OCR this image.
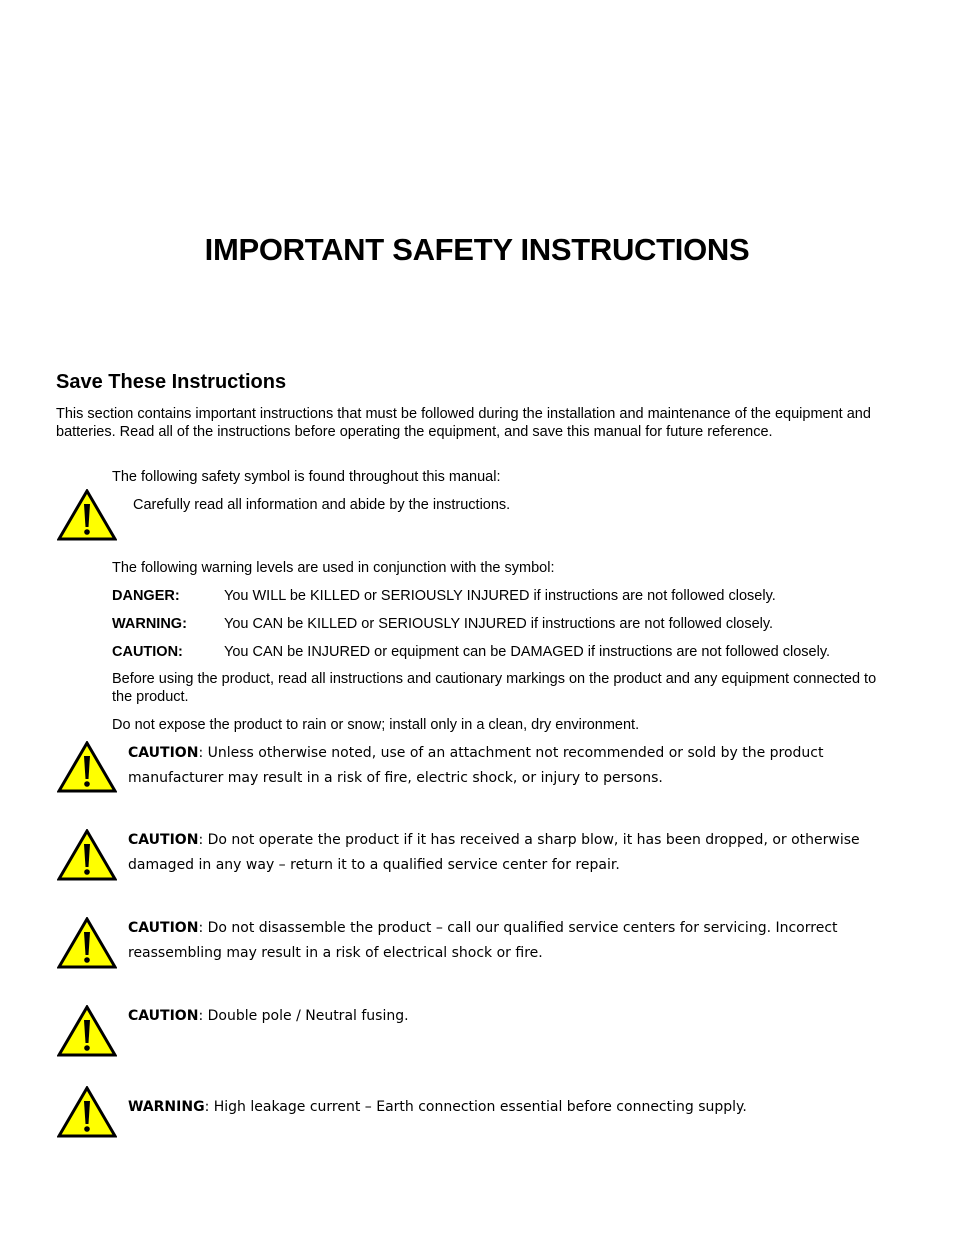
IMPORTANT SAFETY INSTRUCTIONS
Save These Instructions

This section contains important instructions that must be followed during the installation and maintenance of the equipment and batteries. Read all of the instructions before operating the equipment, and save this manual for future reference.

The following safety symbol is found throughout this manual:

Carefully read all information and abide by the instructions.

The following warning levels are used in conjunction with the symbol:

DANGER:	You WILL be KILLED or SERIOUSLY INJURED if instructions are not followed closely.
WARNING:	You CAN be KILLED or SERIOUSLY INJURED if instructions are not followed closely.
CAUTION:	You CAN be INJURED or equipment can be DAMAGED if instructions are not followed closely.

Before using the product, read all instructions and cautionary markings on the product and any equipment connected to the product.

Do not expose the product to rain or snow; install only in a clean, dry environment.

CAUTION: Unless otherwise noted, use of an attachment not recommended or sold by the product manufacturer may result in a risk of fire, electric shock, or injury to persons.

CAUTION: Do not operate the product if it has received a sharp blow, it has been dropped, or otherwise damaged in any way – return it to a qualified service center for repair.

CAUTION: Do not disassemble the product – call our qualified service centers for servicing. Incorrect reassembling may result in a risk of electrical shock or fire.

CAUTION: Double pole / Neutral fusing.

WARNING: High leakage current – Earth connection essential before connecting supply.
